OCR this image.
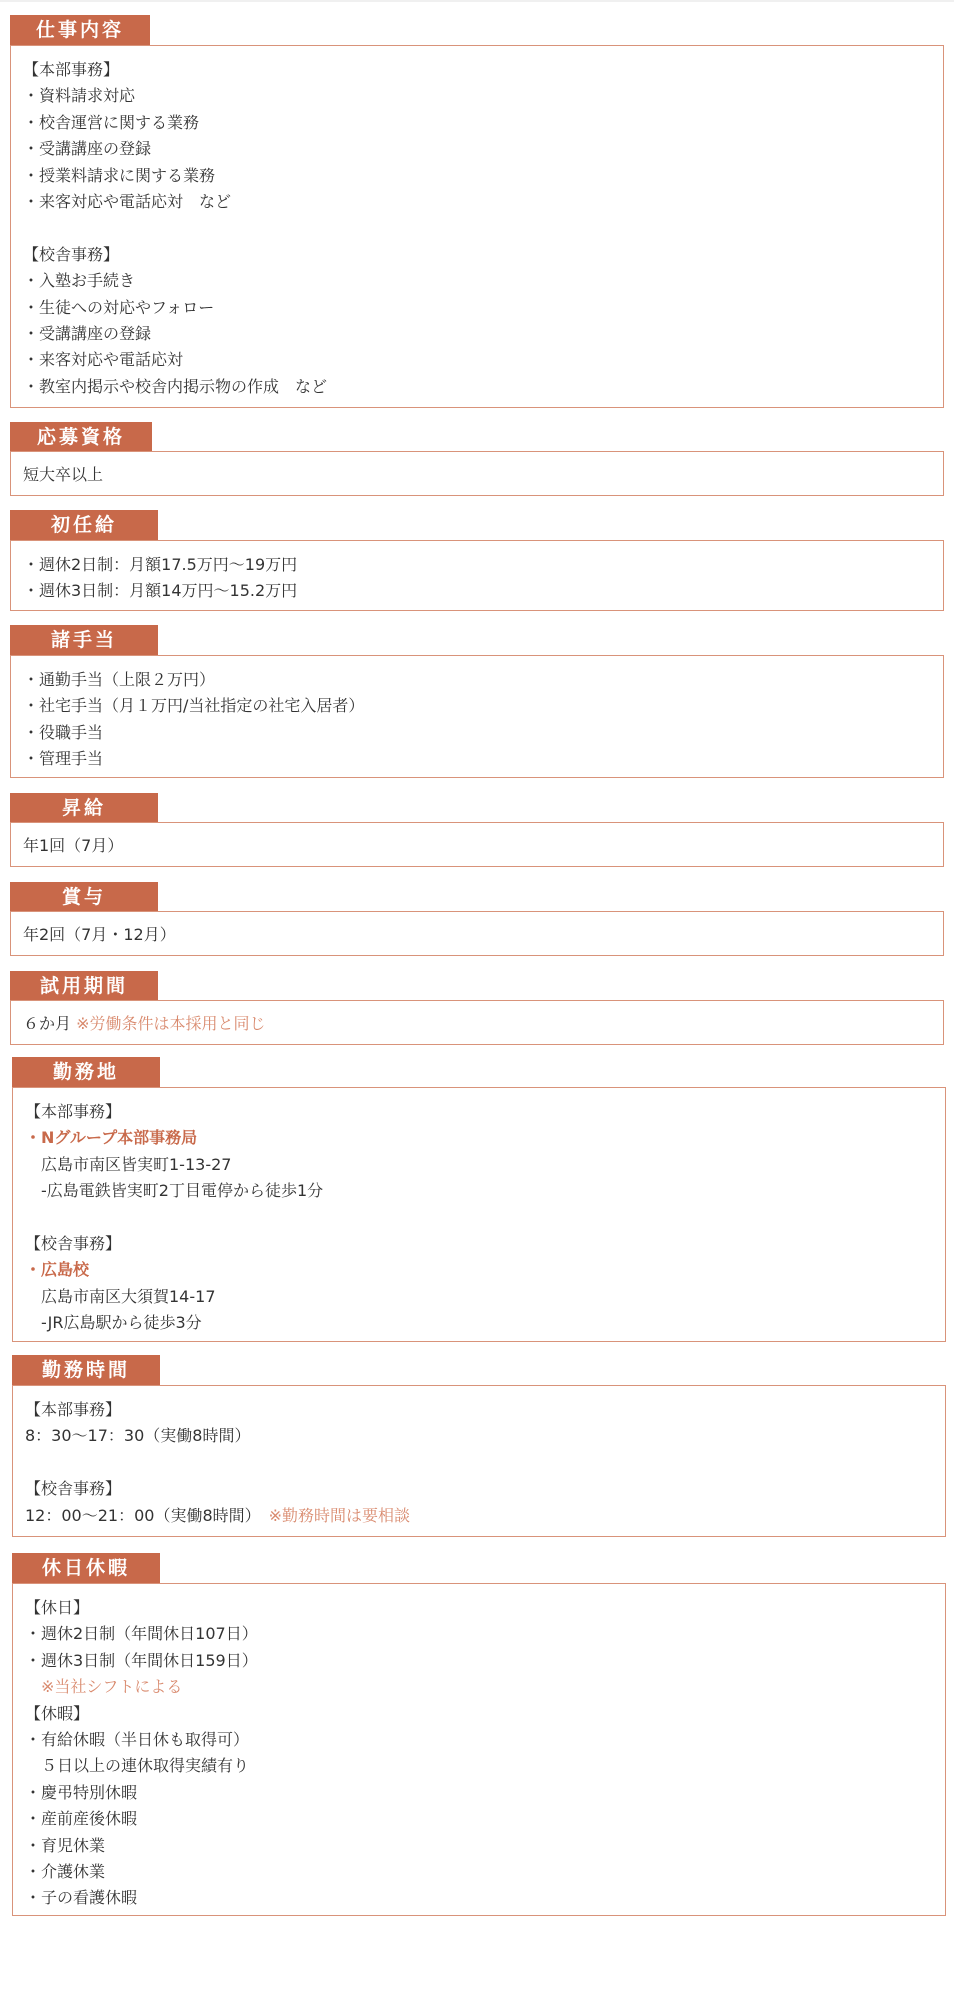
仕事内容
【本部事務】
・資料請求対応
・校舎運営に関する業務
・受講講座の登録
・授業料請求に関する業務
・来客対応や電話応対　など
【校舎事務】
・入塾お手続き
・生徒への対応やフォロー
・受講講座の登録
・来客対応や電話応対
・教室内掲示や校舎内掲示物の作成　など
応募資格
短大卒以上
初任給
・週休2日制：月額17.5万円～19万円
・週休3日制：月額14万円～15.2万円
諸手当
・通勤手当（上限２万円）
・社宅手当（月１万円/当社指定の社宅入居者）
・役職手当
・管理手当
昇給
年1回（7月）
賞与
年2回（7月・12月）
試用期間
６か月 ※労働条件は本採用と同じ
勤務地
【本部事務】
・Nグループ本部事務局
　広島市南区皆実町1-13-27
　-広島電鉄皆実町2丁目電停から徒歩1分
【校舎事務】
・広島校
　広島市南区大須賀14-17
　-JR広島駅から徒歩3分
勤務時間
【本部事務】
8：30～17：30（実働8時間）
【校舎事務】
12：00～21：00（実働8時間）　※勤務時間は要相談
休日休暇
【休日】
・週休2日制（年間休日107日）
・週休3日制（年間休日159日）
　※当社シフトによる
【休暇】
・有給休暇（半日休も取得可）
　５日以上の連休取得実績有り
・慶弔特別休暇
・産前産後休暇
・育児休業
・介護休業
・子の看護休暇
